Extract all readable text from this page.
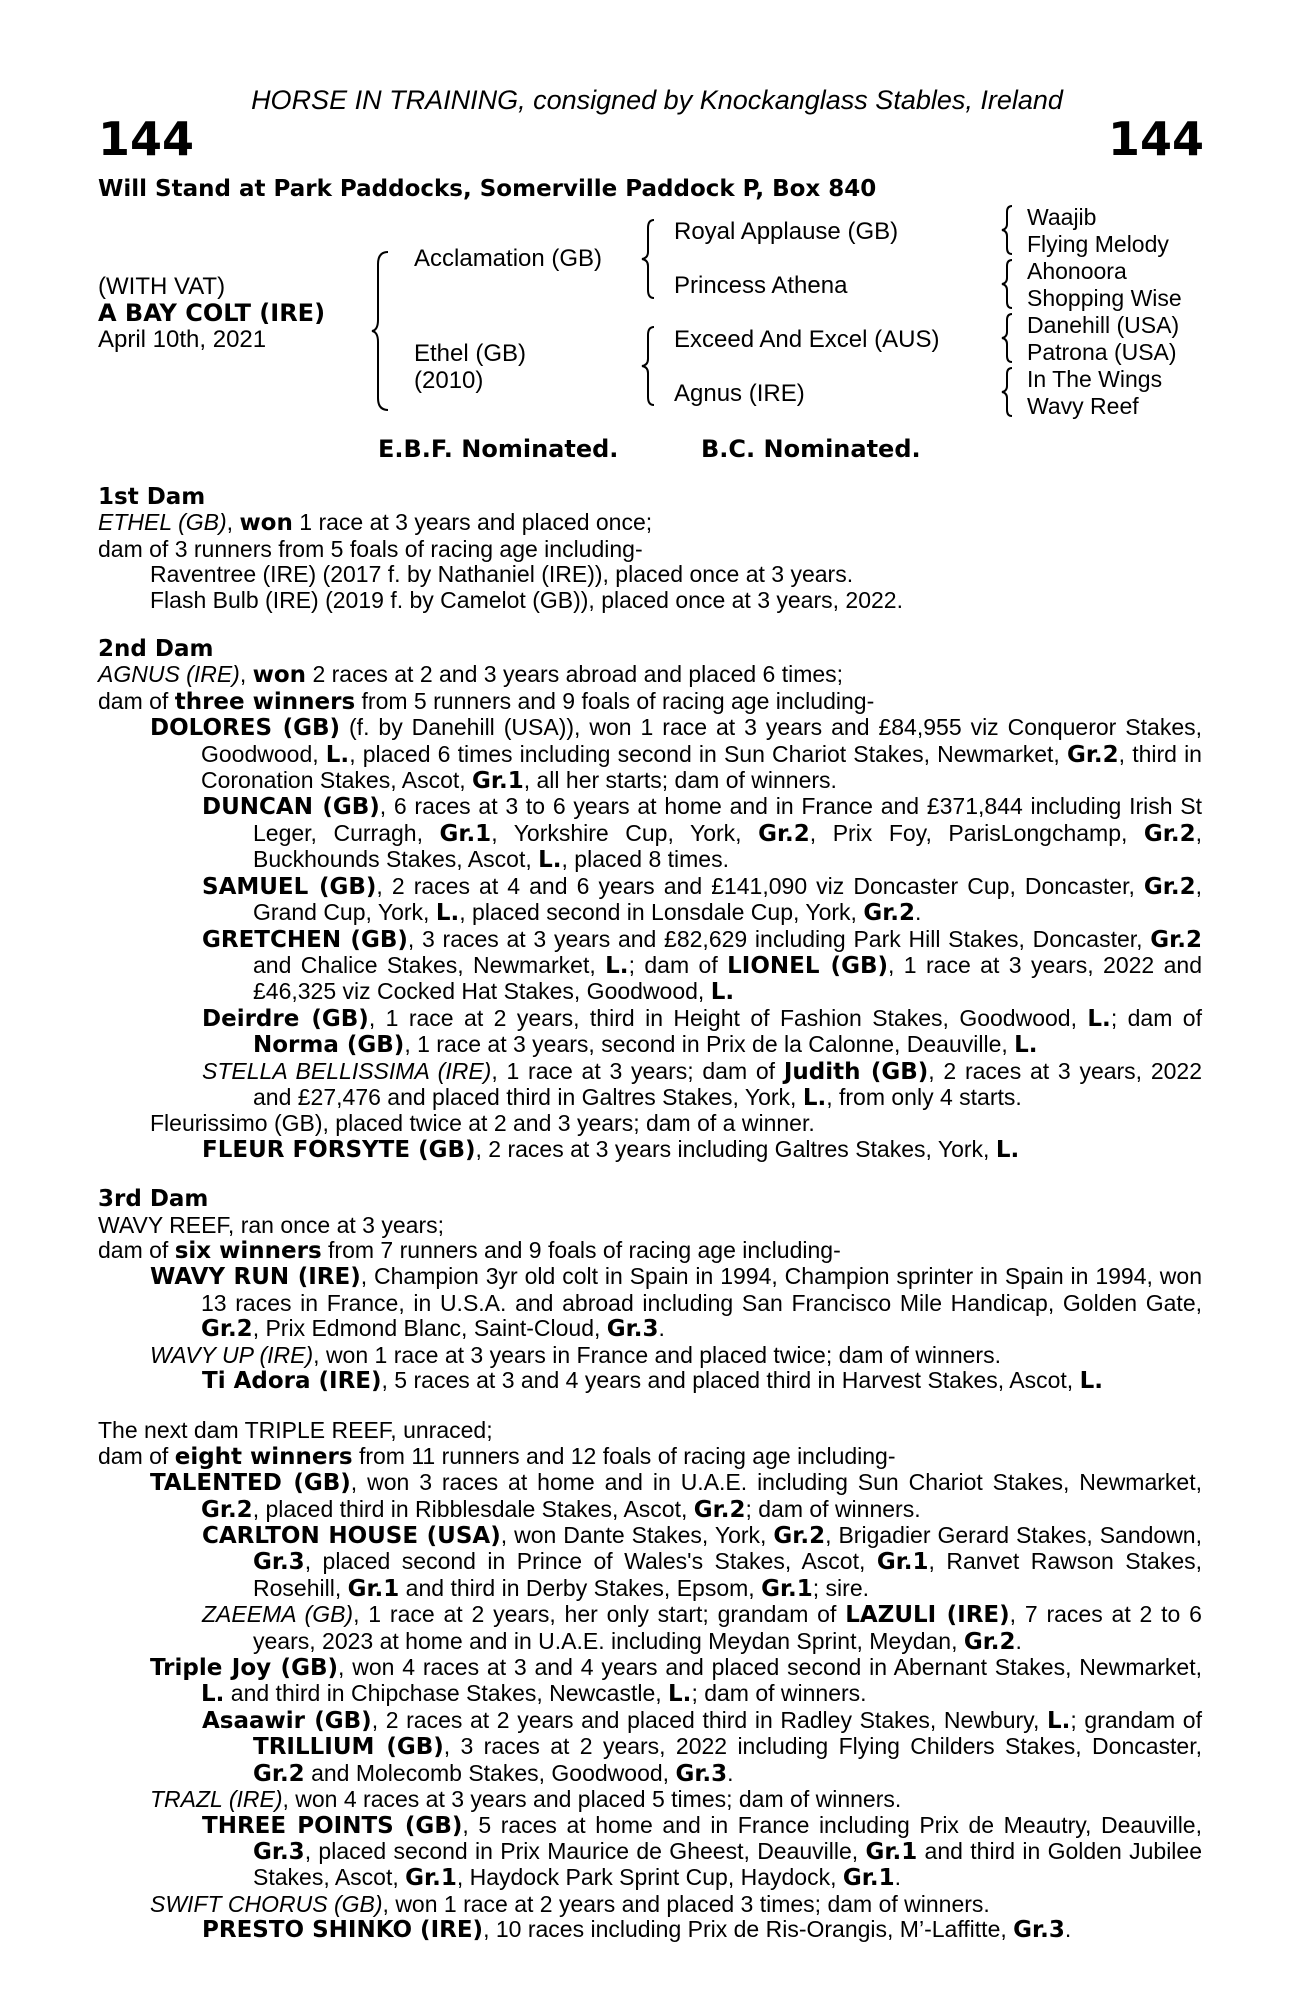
HORSE IN TRAINING, consigned by Knockanglass Stables, Ireland
144	144
Will Stand at Park Paddocks, Somerville Paddock P, Box 840
(WITH VAT)
A BAY COLT (IRE)
April 10th, 2021
Acclamation (GB)
Ethel (GB)
(2010)
Royal Applause (GB)
Princess Athena
Exceed And Excel (AUS)
Agnus (IRE)
Waajib
Flying Melody
Ahonoora
Shopping Wise
Danehill (USA)
Patrona (USA)
In The Wings
Wavy Reef
E.B.F. Nominated.	B.C. Nominated.
1st Dam
ETHEL (GB), won 1 race at 3 years and placed once;
dam of 3 runners from 5 foals of racing age including-
Raventree (IRE) (2017 f. by Nathaniel (IRE)), placed once at 3 years.
Flash Bulb (IRE) (2019 f. by Camelot (GB)), placed once at 3 years, 2022.
2nd Dam
AGNUS (IRE), won 2 races at 2 and 3 years abroad and placed 6 times;
dam of three winners from 5 runners and 9 foals of racing age including-
DOLORES (GB) (f. by Danehill (USA)), won 1 race at 3 years and £84,955 viz Conqueror Stakes, Goodwood, L., placed 6 times including second in Sun Chariot Stakes, Newmarket, Gr.2, third in Coronation Stakes, Ascot, Gr.1, all her starts; dam of winners.
DUNCAN (GB), 6 races at 3 to 6 years at home and in France and £371,844 including Irish St Leger, Curragh, Gr.1, Yorkshire Cup, York, Gr.2, Prix Foy, ParisLongchamp, Gr.2, Buckhounds Stakes, Ascot, L., placed 8 times.
SAMUEL (GB), 2 races at 4 and 6 years and £141,090 viz Doncaster Cup, Doncaster, Gr.2, Grand Cup, York, L., placed second in Lonsdale Cup, York, Gr.2.
GRETCHEN (GB), 3 races at 3 years and £82,629 including Park Hill Stakes, Doncaster, Gr.2 and Chalice Stakes, Newmarket, L.; dam of LIONEL (GB), 1 race at 3 years, 2022 and £46,325 viz Cocked Hat Stakes, Goodwood, L.
Deirdre (GB), 1 race at 2 years, third in Height of Fashion Stakes, Goodwood, L.; dam of Norma (GB), 1 race at 3 years, second in Prix de la Calonne, Deauville, L.
STELLA BELLISSIMA (IRE), 1 race at 3 years; dam of Judith (GB), 2 races at 3 years, 2022 and £27,476 and placed third in Galtres Stakes, York, L., from only 4 starts.
Fleurissimo (GB), placed twice at 2 and 3 years; dam of a winner.
FLEUR FORSYTE (GB), 2 races at 3 years including Galtres Stakes, York, L.
3rd Dam
WAVY REEF, ran once at 3 years;
dam of six winners from 7 runners and 9 foals of racing age including-
WAVY RUN (IRE), Champion 3yr old colt in Spain in 1994, Champion sprinter in Spain in 1994, won 13 races in France, in U.S.A. and abroad including San Francisco Mile Handicap, Golden Gate, Gr.2, Prix Edmond Blanc, Saint-Cloud, Gr.3.
WAVY UP (IRE), won 1 race at 3 years in France and placed twice; dam of winners.
Ti Adora (IRE), 5 races at 3 and 4 years and placed third in Harvest Stakes, Ascot, L.
The next dam TRIPLE REEF, unraced;
dam of eight winners from 11 runners and 12 foals of racing age including-
TALENTED (GB), won 3 races at home and in U.A.E. including Sun Chariot Stakes, Newmarket, Gr.2, placed third in Ribblesdale Stakes, Ascot, Gr.2; dam of winners.
CARLTON HOUSE (USA), won Dante Stakes, York, Gr.2, Brigadier Gerard Stakes, Sandown, Gr.3, placed second in Prince of Wales's Stakes, Ascot, Gr.1, Ranvet Rawson Stakes, Rosehill, Gr.1 and third in Derby Stakes, Epsom, Gr.1; sire.
ZAEEMA (GB), 1 race at 2 years, her only start; grandam of LAZULI (IRE), 7 races at 2 to 6 years, 2023 at home and in U.A.E. including Meydan Sprint, Meydan, Gr.2.
Triple Joy (GB), won 4 races at 3 and 4 years and placed second in Abernant Stakes, Newmarket, L. and third in Chipchase Stakes, Newcastle, L.; dam of winners.
Asaawir (GB), 2 races at 2 years and placed third in Radley Stakes, Newbury, L.; grandam of TRILLIUM (GB), 3 races at 2 years, 2022 including Flying Childers Stakes, Doncaster, Gr.2 and Molecomb Stakes, Goodwood, Gr.3.
TRAZL (IRE), won 4 races at 3 years and placed 5 times; dam of winners.
THREE POINTS (GB), 5 races at home and in France including Prix de Meautry, Deauville, Gr.3, placed second in Prix Maurice de Gheest, Deauville, Gr.1 and third in Golden Jubilee Stakes, Ascot, Gr.1, Haydock Park Sprint Cup, Haydock, Gr.1.
SWIFT CHORUS (GB), won 1 race at 2 years and placed 3 times; dam of winners.
PRESTO SHINKO (IRE), 10 races including Prix de Ris-Orangis, M’-Laffitte, Gr.3.
